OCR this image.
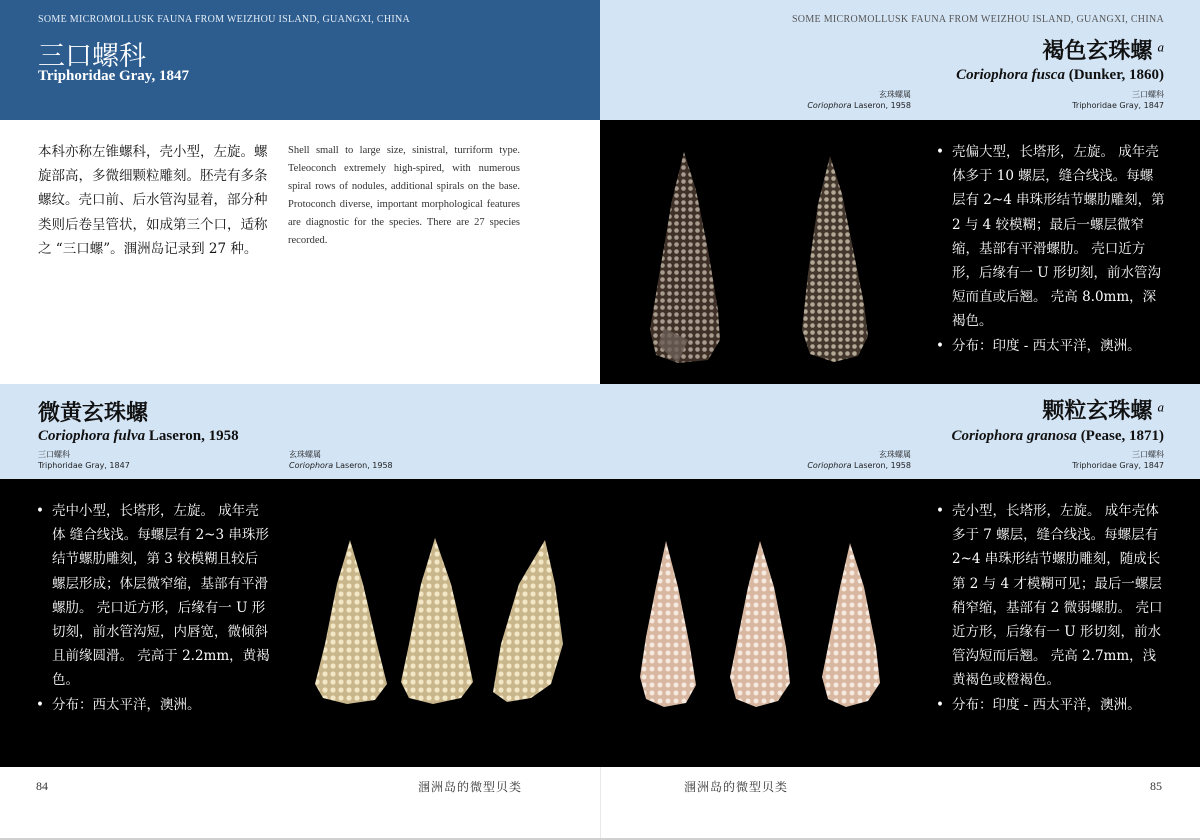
SOME MICROMOLLUSK FAUNA FROM WEIZHOU ISLAND, GUANGXI, CHINA
三口螺科
Triphoridae Gray, 1847
本科亦称左锥螺科，壳小型，左旋。螺旋部高，多微细颗粒雕刻。胚壳有多条螺纹。壳口前、后水管沟显着，部分种类则后卷呈管状，如成第三个口，适称之 “三口螺”。涠洲岛记录到 27 种。
Shell small to large size, sinistral, turriform type. Teleoconch extremely high-spired, with numerous spiral rows of nodules, additional spirals on the base. Protoconch diverse, important morphological features are diagnostic for the species. There are 27 species recorded.
SOME MICROMOLLUSK FAUNA FROM WEIZHOU ISLAND, GUANGXI, CHINA
褐色玄珠螺 $^a$
Coriophora fusca (Dunker, 1860)
玄珠螺属
Coriophora Laseron, 1958
三口螺科
Triphoridae Gray, 1847
• 壳偏大型，长塔形，左旋。 成年壳体多于 10 螺层，缝合线浅。每螺层有 2~4 串珠形结节螺肋雕刻，第 2 与 4 较模糊；最后一螺层微窄缩，基部有平滑螺肋。 壳口近方形，后缘有一 U 形切刻，前水管沟短而直或后翘。 壳高 8.0mm，深褐色。
• 分布：印度 - 西太平洋，澳洲。
微黄玄珠螺
Coriophora fulva Laseron, 1958
三口螺科
Triphoridae Gray, 1847
玄珠螺属
Coriophora Laseron, 1958
颗粒玄珠螺 $^a$
Coriophora granosa (Pease, 1871)
玄珠螺属
Coriophora Laseron, 1958
三口螺科
Triphoridae Gray, 1847
• 壳中小型，长塔形，左旋。 成年壳体 缝合线浅。每螺层有 2~3 串珠形结节螺肋雕刻，第 3 较模糊且较后螺层形成；体层微窄缩，基部有平滑螺肋。 壳口近方形，后缘有一 U 形切刻，前水管沟短，内唇宽，微倾斜且前缘圆滑。 壳高于 2.2mm，黄褐色。
• 分布：西太平洋，澳洲。
• 壳小型，长塔形，左旋。 成年壳体多于 7 螺层，缝合线浅。每螺层有 2~4 串珠形结节螺肋雕刻，随成长第 2 与 4 才模糊可见；最后一螺层稍窄缩，基部有 2 微弱螺肋。 壳口近方形，后缘有一 U 形切刻，前水管沟短而后翘。 壳高 2.7mm，浅黄褐色或橙褐色。
• 分布：印度 - 西太平洋，澳洲。
84	涠洲岛的微型贝类	涠洲岛的微型贝类	85
